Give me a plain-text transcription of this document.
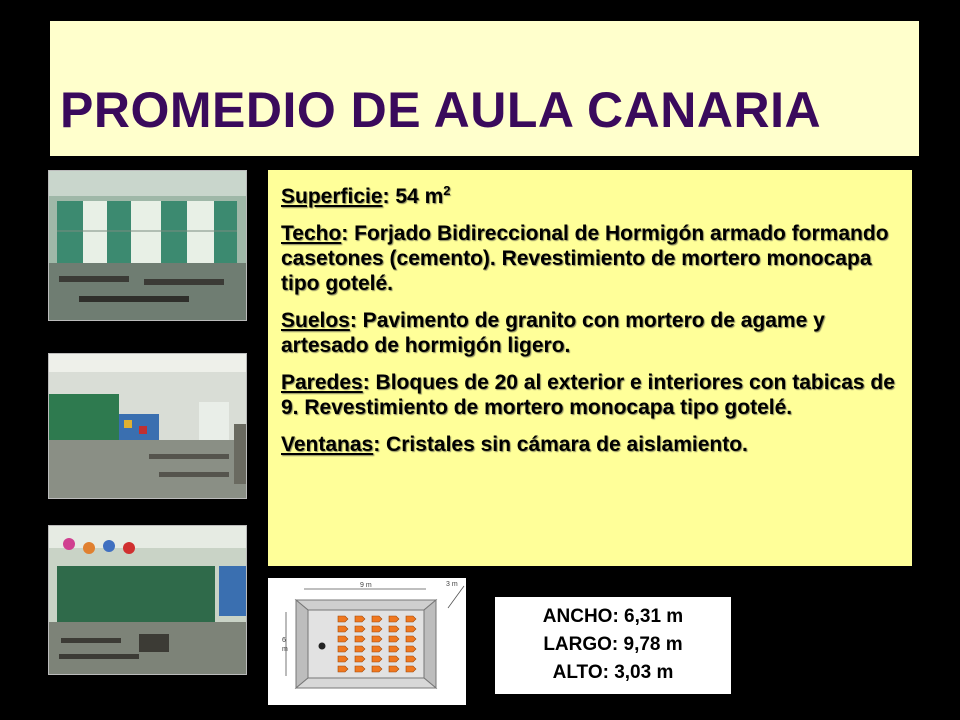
PROMEDIO DE AULA CANARIA

Superficie: 54 $m^2$

Techo: Forjado Bidireccional de Hormigón armado formando casetones (cemento). Revestimiento de mortero monocapa tipo gotelé.

Suelos: Pavimento de granito con mortero de agame y artesado de hormigón ligero.

Paredes: Bloques de 20 al exterior e interiores con tabicas de 9. Revestimiento de mortero monocapa tipo gotelé.

Ventanas: Cristales sin cámara de aislamiento.

9 m	3 m
6
m
ANCHO: 6,31 m
LARGO: 9,78 m
ALTO: 3,03 m
